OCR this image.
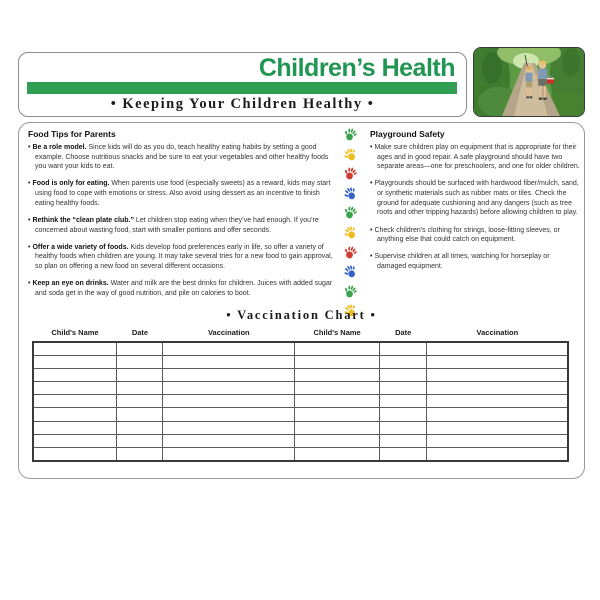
Children’s Health
• Keeping Your Children Healthy •
Food Tips for Parents
• Be a role model. Since kids will do as you do, teach healthy eating habits by setting a good example. Choose nutritious snacks and be sure to eat your vegetables and other healthy foods you want your kids to eat.
• Food is only for eating. When parents use food (especially sweets) as a reward, kids may start using food to cope with emotions or stress. Also avoid using dessert as an incentive to finish eating healthy foods.
• Rethink the “clean plate club.” Let children stop eating when they’ve had enough. If you’re concerned about wasting food, start with smaller portions and offer seconds.
• Offer a wide variety of foods. Kids develop food preferences early in life, so offer a variety of healthy foods when children are young. It may take several tries for a new food to gain approval, so plan on offering a new food on several different occasions.
• Keep an eye on drinks. Water and milk are the best drinks for children. Juices with added sugar and soda get in the way of good nutrition, and pile on calories to boot.
Playground Safety
• Make sure children play on equipment that is appropriate for their ages and in good repair. A safe playground should have two separate areas—one for preschoolers, and one for older children.
• Playgrounds should be surfaced with hardwood fiber/mulch, sand, or synthetic materials such as rubber mats or tiles. Check the ground for adequate cushioning and any dangers (such as tree roots and other tripping hazards) before allowing children to play.
• Check children’s clothing for strings, loose-fitting sleeves, or anything else that could catch on equipment.
• Supervise children at all times, watching for horseplay or damaged equipment.
• Vaccination Chart •
Child's Name	Date	Vaccination	Child's Name	Date	Vaccination
